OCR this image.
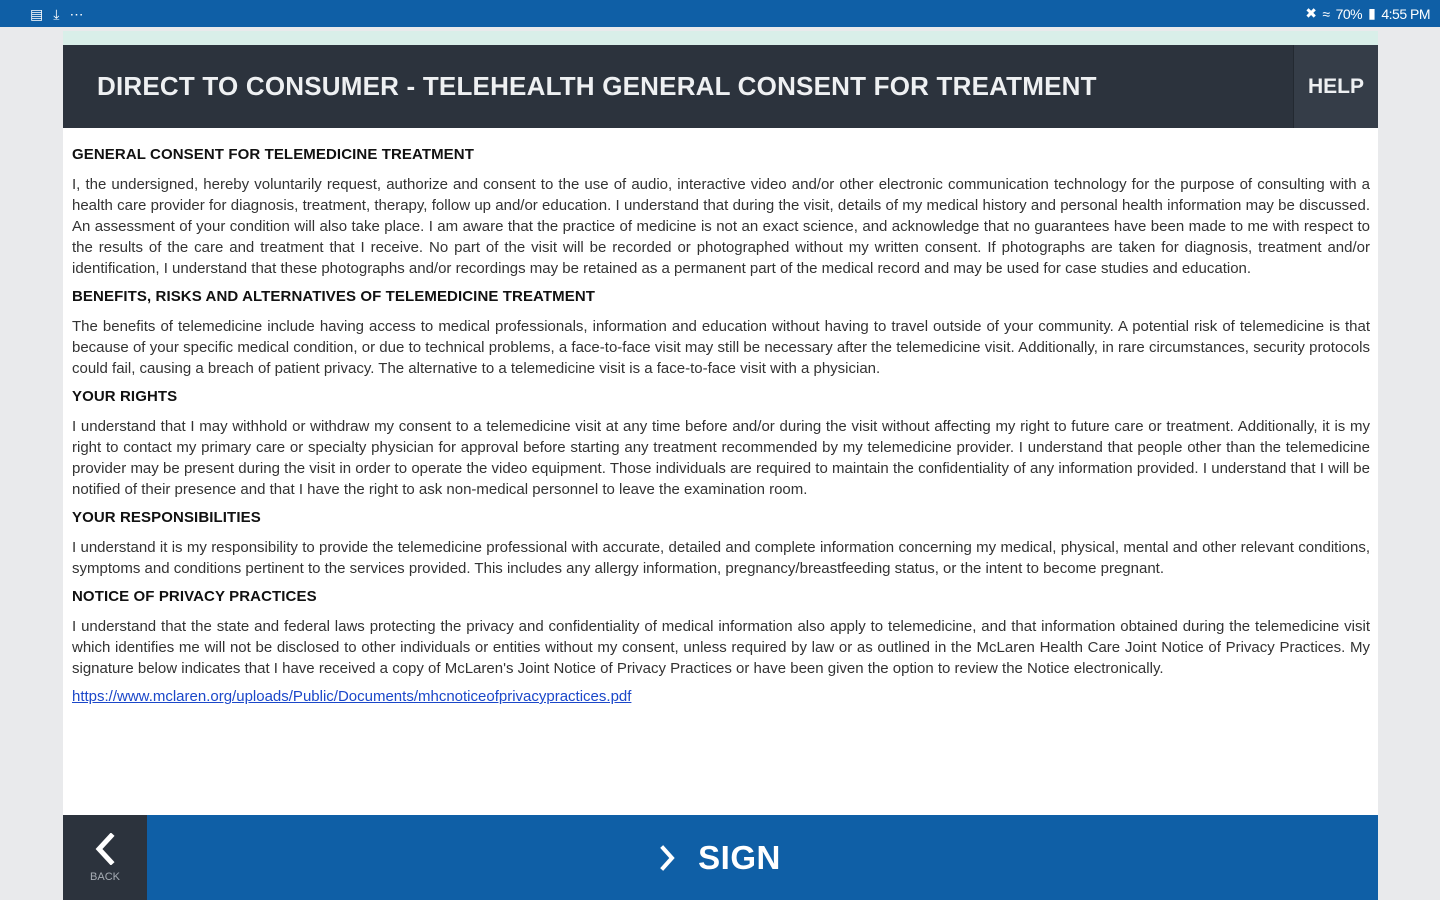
▤ ⤓ ⋯	✖ ≈ 70% ▮ 4:55 PM
DIRECT TO CONSUMER - TELEHEALTH GENERAL CONSENT FOR TREATMENT	HELP
GENERAL CONSENT FOR TELEMEDICINE TREATMENT
I, the undersigned, hereby voluntarily request, authorize and consent to the use of audio, interactive video and/or other electronic communication technology for the purpose of consulting with a health care provider for diagnosis, treatment, therapy, follow up and/or education. I understand that during the visit, details of my medical history and personal health information may be discussed. An assessment of your condition will also take place. I am aware that the practice of medicine is not an exact science, and acknowledge that no guarantees have been made to me with respect to the results of the care and treatment that I receive. No part of the visit will be recorded or photographed without my written consent. If photographs are taken for diagnosis, treatment and/or identification, I understand that these photographs and/or recordings may be retained as a permanent part of the medical record and may be used for case studies and education.
BENEFITS, RISKS AND ALTERNATIVES OF TELEMEDICINE TREATMENT
The benefits of telemedicine include having access to medical professionals, information and education without having to travel outside of your community. A potential risk of telemedicine is that because of your specific medical condition, or due to technical problems, a face-to-face visit may still be necessary after the telemedicine visit. Additionally, in rare circumstances, security protocols could fail, causing a breach of patient privacy. The alternative to a telemedicine visit is a face-to-face visit with a physician.
YOUR RIGHTS
I understand that I may withhold or withdraw my consent to a telemedicine visit at any time before and/or during the visit without affecting my right to future care or treatment. Additionally, it is my right to contact my primary care or specialty physician for approval before starting any treatment recommended by my telemedicine provider. I understand that people other than the telemedicine provider may be present during the visit in order to operate the video equipment. Those individuals are required to maintain the confidentiality of any information provided. I understand that I will be notified of their presence and that I have the right to ask non-medical personnel to leave the examination room.
YOUR RESPONSIBILITIES
I understand it is my responsibility to provide the telemedicine professional with accurate, detailed and complete information concerning my medical, physical, mental and other relevant conditions, symptoms and conditions pertinent to the services provided. This includes any allergy information, pregnancy/breastfeeding status, or the intent to become pregnant.
NOTICE OF PRIVACY PRACTICES
I understand that the state and federal laws protecting the privacy and confidentiality of medical information also apply to telemedicine, and that information obtained during the telemedicine visit which identifies me will not be disclosed to other individuals or entities without my consent, unless required by law or as outlined in the McLaren Health Care Joint Notice of Privacy Practices. My signature below indicates that I have received a copy of McLaren's Joint Notice of Privacy Practices or have been given the option to review the Notice electronically.
https://www.mclaren.org/uploads/Public/Documents/mhcnoticeofprivacypractices.pdf
BACK
SIGN
